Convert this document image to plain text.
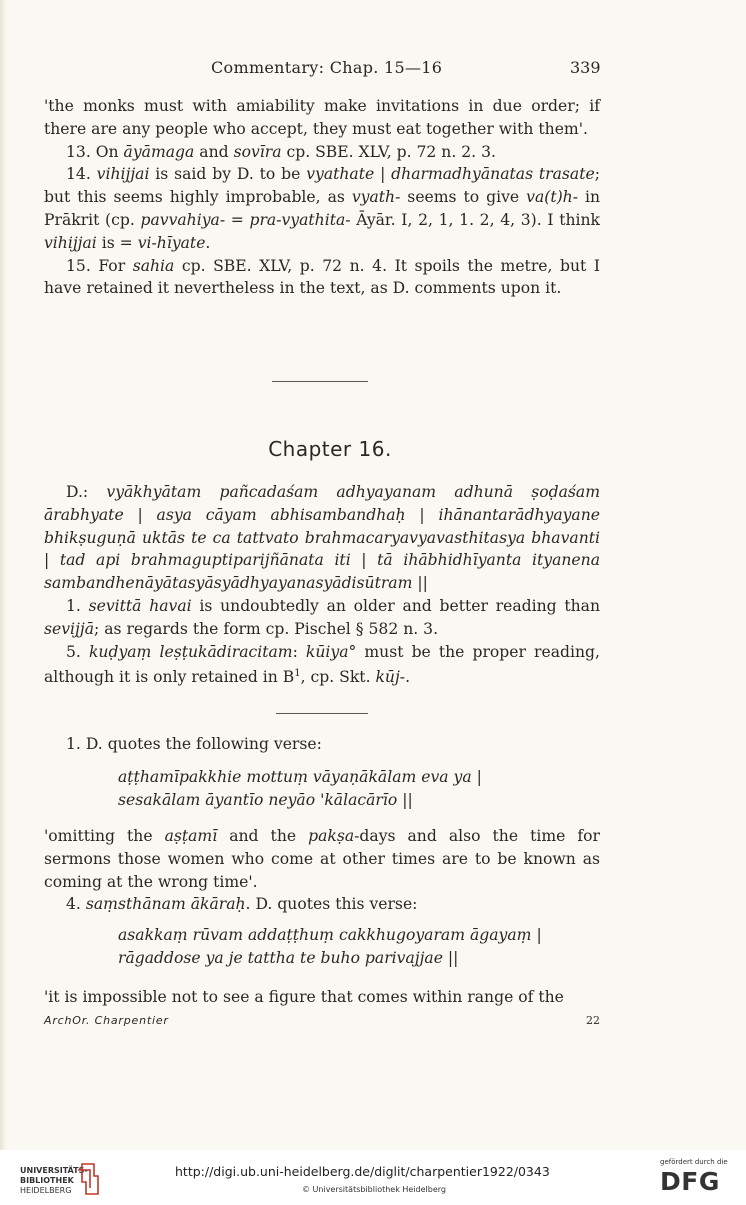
Commentary: Chap. 15—16	339

'the monks must with amiability make invitations in due order; if there are any people who accept, they must eat together with them'.

13. On āyāmaga and sovīra cp. SBE. XLV, p. 72 n. 2. 3.

14. vihijjai is said by D. to be vyathate | dharmadhyānatas trasate; but this seems highly improbable, as vyath- seems to give va(t)h- in Prākrit (cp. pavvahiya- = pra-vyathita- Āyār. I, 2, 1, 1. 2, 4, 3). I think vihijjai is = vi-hīyate.

15. For sahia cp. SBE. XLV, p. 72 n. 4. It spoils the metre, but I have retained it nevertheless in the text, as D. comments upon it.

Chapter 16.

D.: vyākhyātam pañcadaśam adhyayanam adhunā ṣoḍaśam ārabhyate | asya cāyam abhisambandhaḥ | ihānantarādhyayane bhikṣuguṇā uktās te ca tattvato brahmacaryavyavasthitasya bhavanti | tad api brahmaguptiparijñānata iti | tā ihābhidhīyanta ityanena sambandhenāyātasyāsyādhyayanasyādisūtram ||

1. sevittā havai is undoubtedly an older and better reading than sevijjā; as regards the form cp. Pischel § 582 n. 3.

5. kuḍyaṃ leṣṭukādiracitam: kūiya° must be the proper reading, although it is only retained in $B^1$, cp. Skt. kūj-.

1. D. quotes the following verse:

aṭṭhamīpakkhie mottuṃ vāyaṇākālam eva ya |
sesakālam āyantīo neyāo 'kālacārīo ||

'omitting the aṣṭamī and the pakṣa-days and also the time for sermons those women who come at other times are to be known as coming at the wrong time'.

4. saṃsthānam ākāraḥ. D. quotes this verse:

asakkaṃ rūvam addaṭṭhuṃ cakkhugoyaram āgayaṃ |
rāgaddose ya je tattha te buho parivajjae ||

'it is impossible not to see a figure that comes within range of the

ArchOr. Charpentier	22
UNIVERSITÄTS-
BIBLIOTHEK
HEIDELBERG
http://digi.ub.uni-heidelberg.de/diglit/charpentier1922/0343
© Universitätsbibliothek Heidelberg
gefördert durch die
DFG
